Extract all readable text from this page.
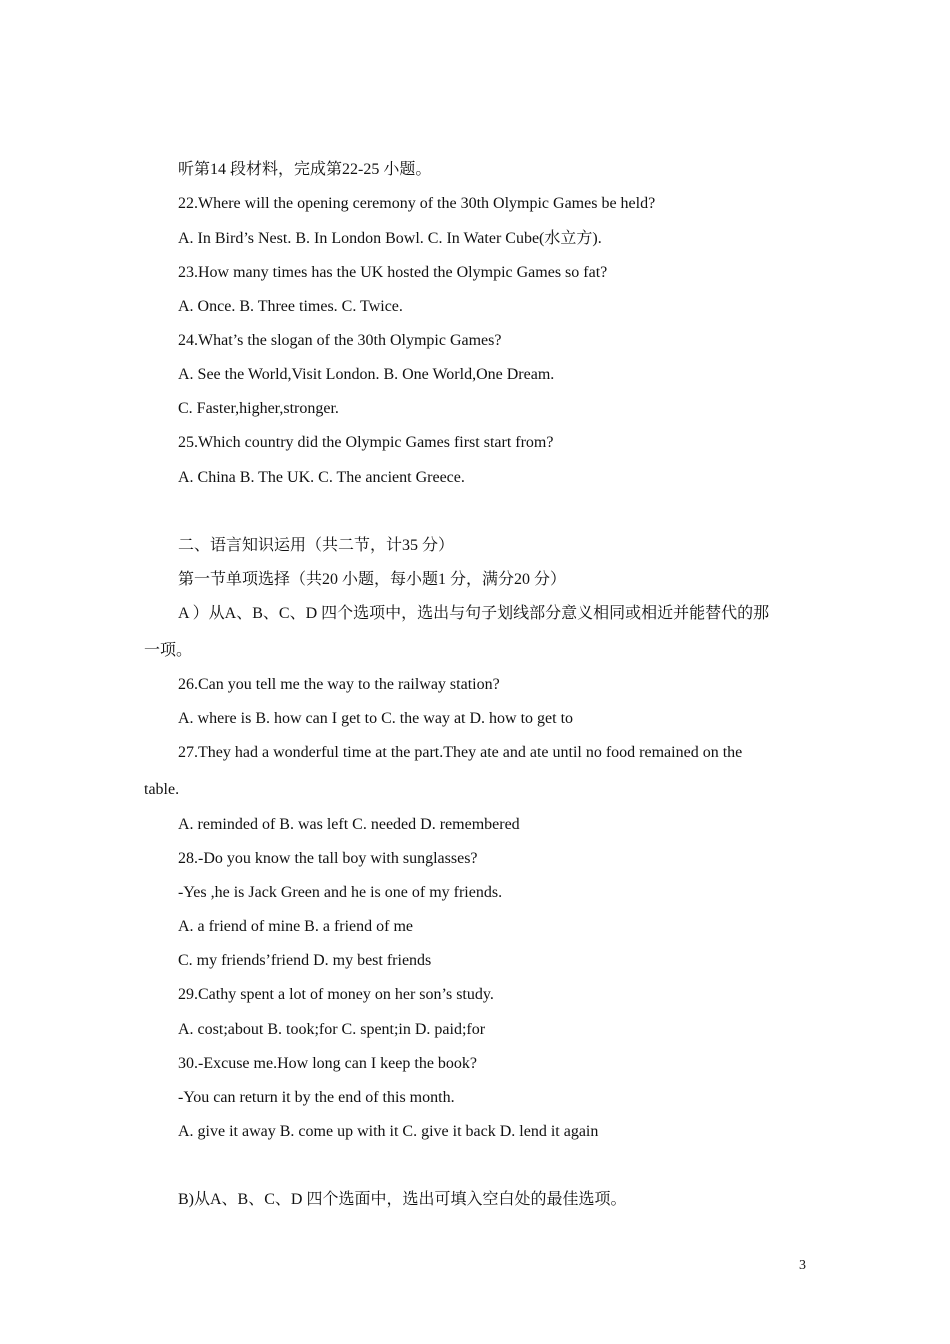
听第14 段材料，完成第22-25 小题。
22.Where will the opening ceremony of the 30th Olympic Games be held?
A. In Bird’s Nest. B. In London Bowl. C. In Water Cube(水立方).
23.How many times has the UK hosted the Olympic Games so fat?
A. Once. B. Three times. C. Twice.
24.What’s the slogan of the 30th Olympic Games?
A. See the World,Visit London. B. One World,One Dream.
C. Faster,higher,stronger.
25.Which country did the Olympic Games first start from?
A. China B. The UK. C. The ancient Greece.
二、语言知识运用（共二节，计35 分）
第一节单项选择（共20 小题，每小题1 分，满分20 分）
A ）从A、B、C、D 四个选项中，选出与句子划线部分意义相同或相近并能替代的那
一项。
26.Can you tell me the way to the railway station?
A. where is B. how can I get to C. the way at D. how to get to
27.They had a wonderful time at the part.They ate and ate until no food remained on the
table.
A. reminded of B. was left C. needed D. remembered
28.-Do you know the tall boy with sunglasses?
-Yes ,he is Jack Green and he is one of my friends.
A. a friend of mine B. a friend of me
C. my friends’friend D. my best friends
29.Cathy spent a lot of money on her son’s study.
A. cost;about B. took;for C. spent;in D. paid;for
30.-Excuse me.How long can I keep the book?
-You can return it by the end of this month.
A. give it away B. come up with it C. give it back D. lend it again
B)从A、B、C、D 四个选面中，选出可填入空白处的最佳选项。
3
